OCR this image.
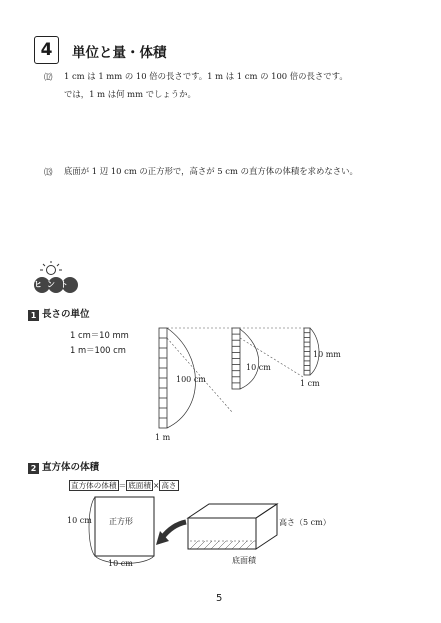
4	単位と量・体積
⑿ 1 cm は 1 mm の 10 倍の長さです。1 m は 1 cm の 100 倍の長さです。
では，1 m は何 mm でしょうか。
⒀ 底面が 1 辺 10 cm の正方形で，高さが 5 cm の直方体の体積を求めなさい。
ヒント
1 長さの単位
1 cm＝10 mm
1 m＝100 cm
1 m
100 cm
10 cm
10 mm
1 cm
2 直方体の体積
直方体の体積 ＝ 底面積 × 高さ
10 cm 正方形
10 cm
高さ（5 cm）
底面積
5
